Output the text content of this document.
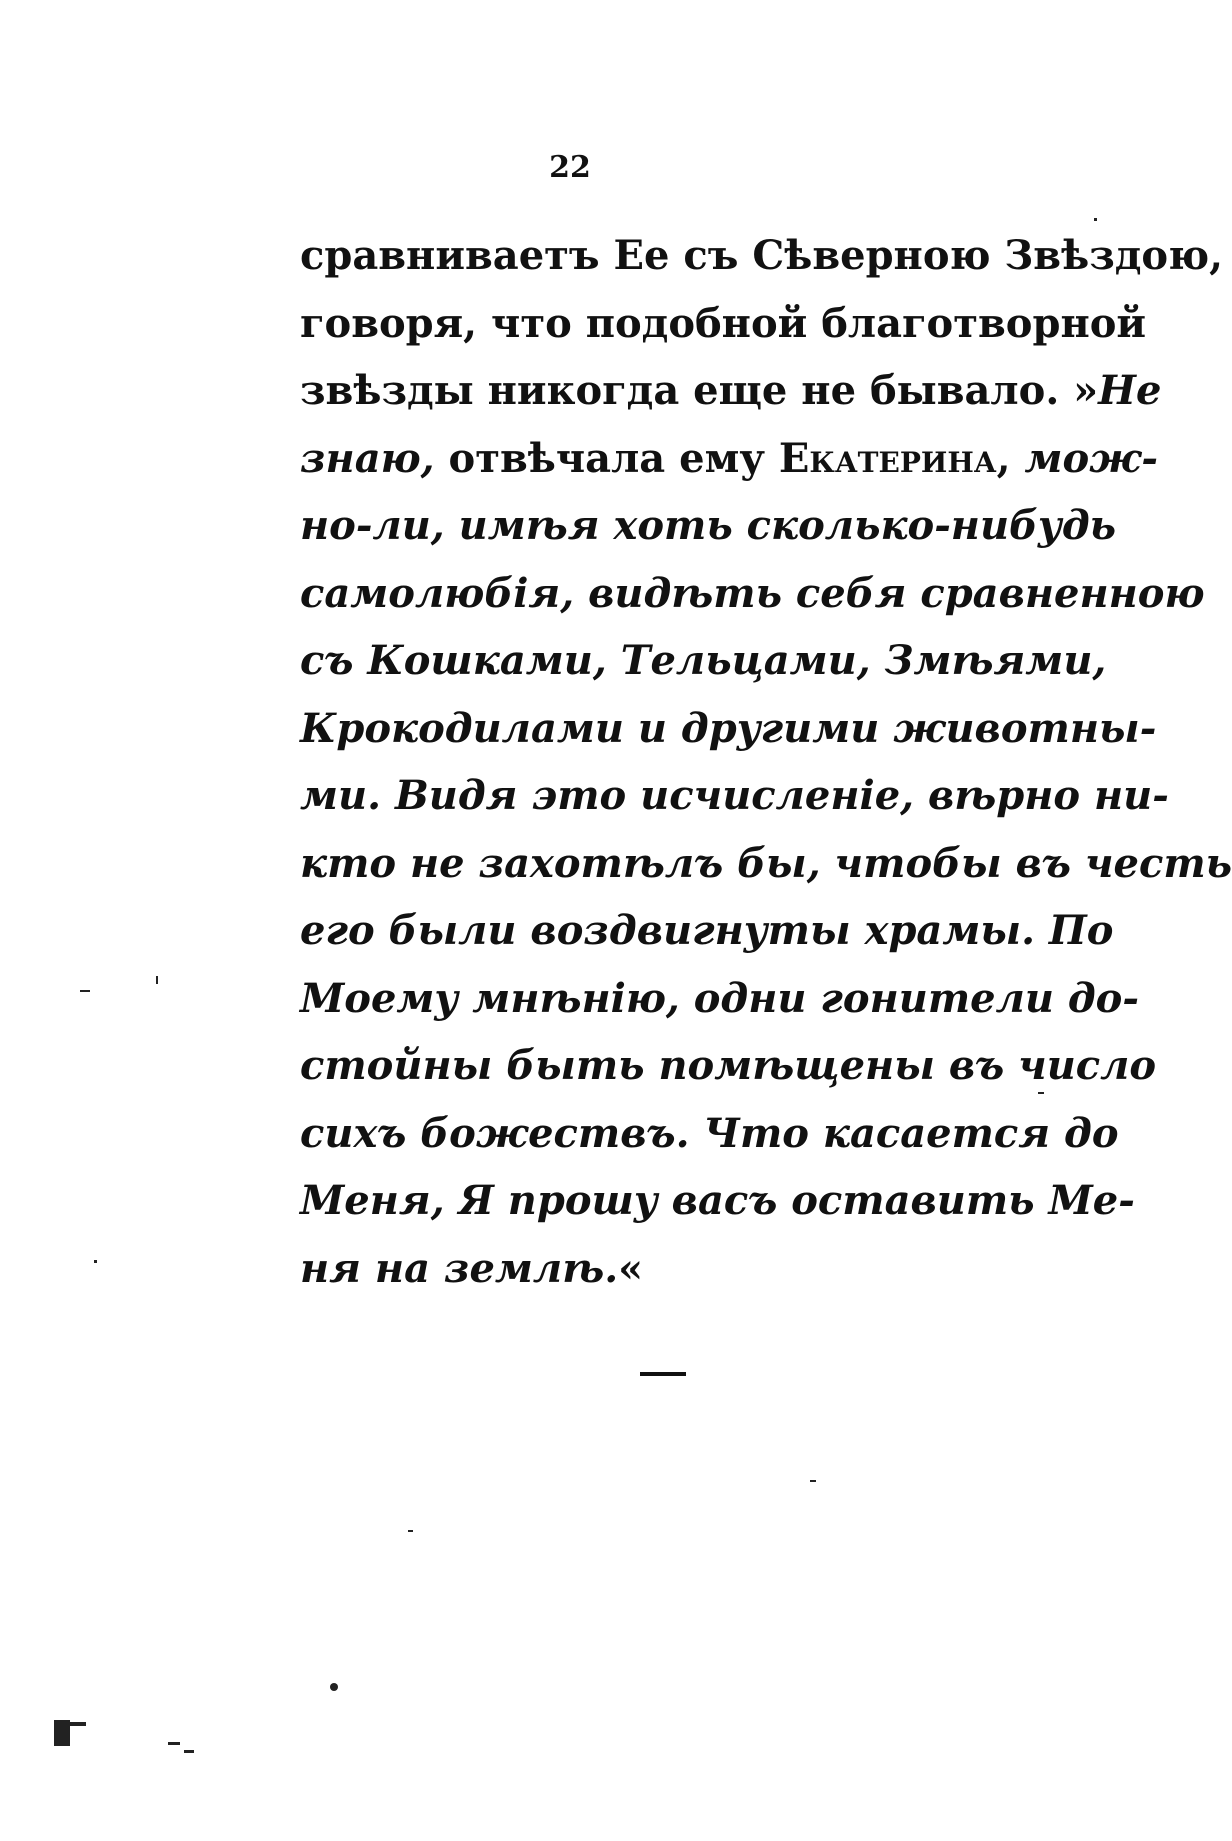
22
сравниваетъ Ее съ Сѣверною Звѣздою,
говоря, что подобной благотворной
звѣзды никогда еще не бывало. »Не
знаю, отвѣчала ему Екатерина, мож-
но-ли, имѣя хоть сколько-нибудь
самолюбія, видѣть себя сравненною
съ Кошками, Тельцами, Змѣями,
Крокодилами и другими животны-
ми. Видя это исчисленіе, вѣрно ни-
кто не захотѣлъ бы, чтобы въ честь
его были воздвигнуты храмы. По
Моему мнѣнію, одни гонители до-
стойны быть помѣщены въ число
сихъ божествъ. Что касается до
Меня, Я прошу васъ оставить Ме-
ня на землѣ.«
